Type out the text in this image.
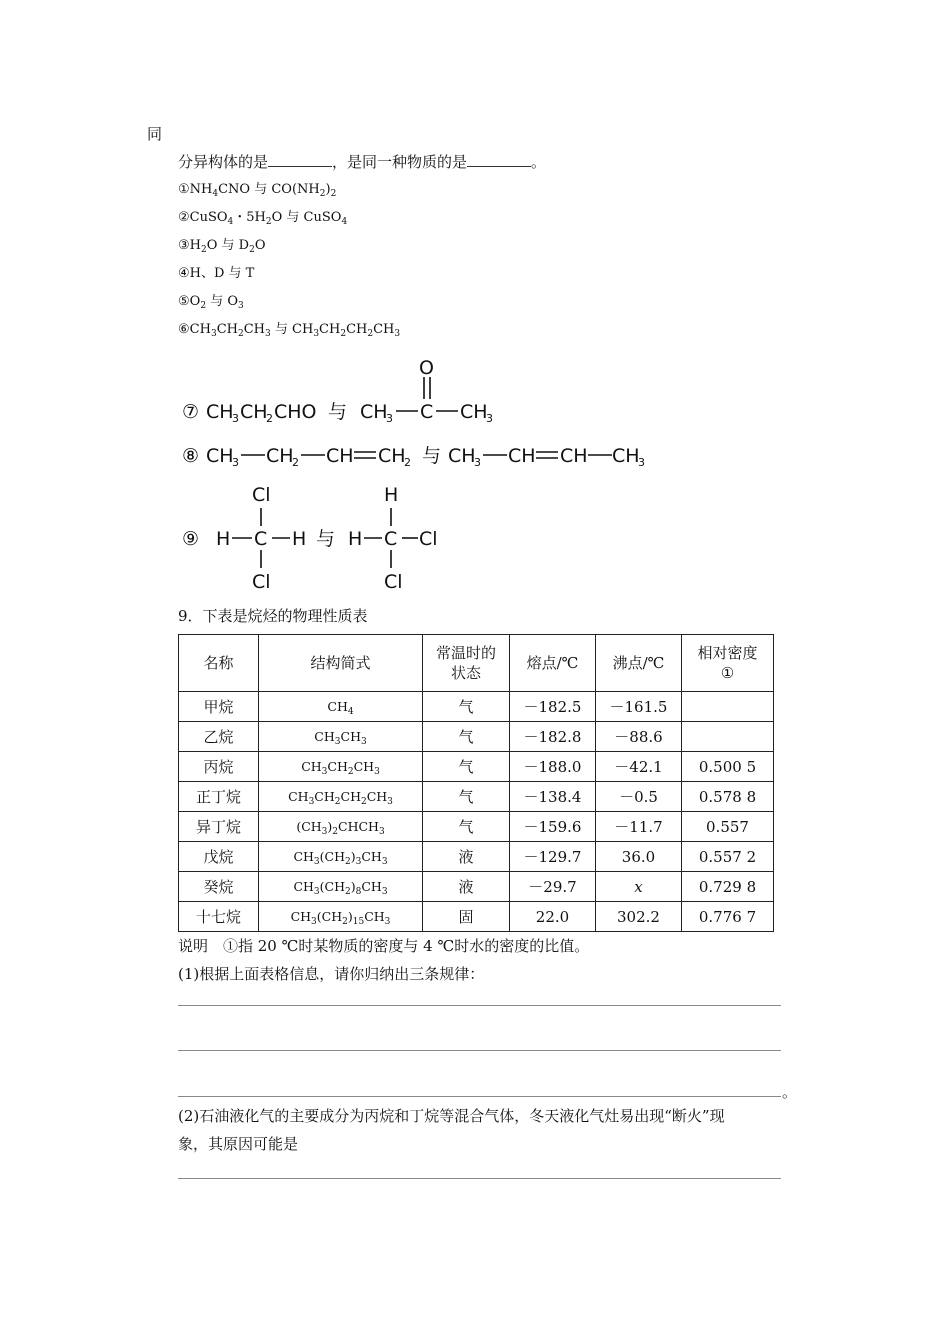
同
分异构体的是	，是同一种物质的是	。
$①NH_4CNO$ 与 $CO(NH_2)_2$
②CuSO$_4$・$5H_2O$ 与 CuSO$_4$
$③H_2O$ 与 $D_2O$
④H、D 与 T
$⑤O_2$ 与 $O_3$
$⑥CH_3CH_2CH_3$ 与 $CH_3CH_2CH_2CH_3$
⑦ CH
3 CH
2 CHO 与 CH
3 C
O
CH
3
⑧ CH
3 CH
2 CH CH
2 与 CH
3 CH CH CH
3
⑨ H C H
Cl
Cl
与 H C Cl
H
Cl
9．下表是烷烃的物理性质表
名称	结构简式	常温时的
状态	熔点/℃	沸点/℃	相对密度
①
甲烷	$CH_4$	气	－182.5	－161.5	
乙烷	$CH_3CH_3$	气	－182.8	－88.6	
丙烷	$CH_3CH_2CH_3$	气	－188.0	－42.1	0.500 5
正丁烷	$CH_3CH_2CH_2CH_3$	气	－138.4	－0.5	0.578 8
异丁烷	$(CH_3)_2CHCH_3$	气	－159.6	－11.7	0.557
戊烷	$CH_3(CH_2)_3CH_3$	液	－129.7	36.0	0.557 2
癸烷	$CH_3(CH_2)_8CH_3$	液	－29.7	x	0.729 8
十七烷	$CH_3(CH_2)_{15}CH_3$	固	22.0	302.2	0.776 7
说明　①指 20 ℃时某物质的密度与 4 ℃时水的密度的比值。
(1)根据上面表格信息，请你归纳出三条规律：
。
(2)石油液化气的主要成分为丙烷和丁烷等混合气体，冬天液化气灶易出现“断火”现
象，其原因可能是
